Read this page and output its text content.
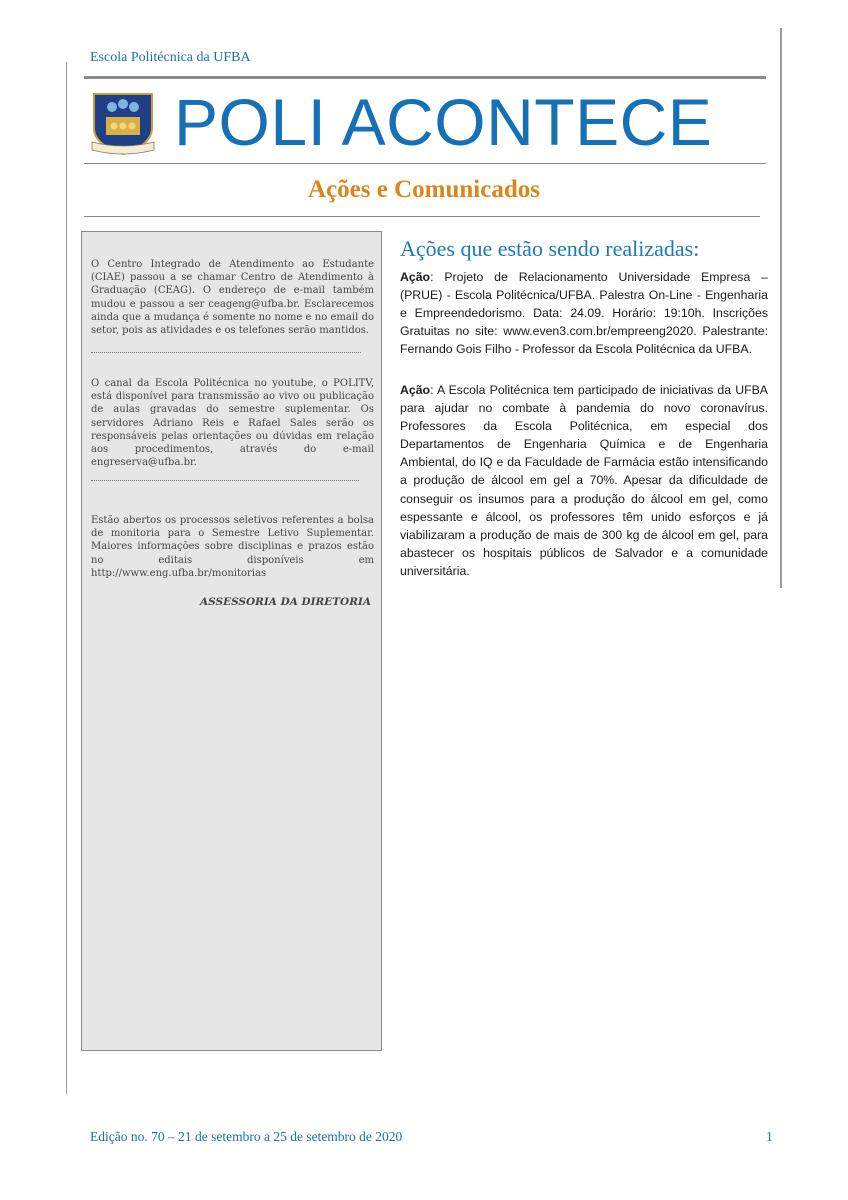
Escola Politécnica da UFBA
POLI ACONTECE
Ações e Comunicados

O Centro Integrado de Atendimento ao Estudante (CIAE) passou a se chamar Centro de Atendimento à Graduação (CEAG). O endereço de e-mail também mudou e passou a ser ceageng@ufba.br. Esclarecemos ainda que a mudança é somente no nome e no email do setor, pois as atividades e os telefones serão mantidos.

O canal da Escola Politécnica no youtube, o POLITV, está disponível para transmissão ao vivo ou publicação de aulas gravadas do semestre suplementar. Os servidores Adriano Reis e Rafael Sales serão os responsáveis pelas orientações ou dúvidas em relação aos procedimentos, através do e-mail engreserva@ufba.br.

Estão abertos os processos seletivos referentes a bolsa de monitoria para o Semestre Letivo Suplementar. Maiores informações sobre disciplinas e prazos estão no editais disponíveis em http://www.eng.ufba.br/monitorias

ASSESSORIA DA DIRETORIA
Ações que estão sendo realizadas:
Ação: Projeto de Relacionamento Universidade Empresa – (PRUE) - Escola Politécnica/UFBA. Palestra On-Line - Engenharia e Empreendedorismo. Data: 24.09. Horário: 19:10h. Inscrições Gratuitas no site: www.even3.com.br/empreeng2020. Palestrante: Fernando Gois Filho - Professor da Escola Politécnica da UFBA.
Ação: A Escola Politécnica tem participado de iniciativas da UFBA para ajudar no combate à pandemia do novo coronavírus. Professores da Escola Politécnica, em especial dos Departamentos de Engenharia Química e de Engenharia Ambiental, do IQ e da Faculdade de Farmácia estão intensificando a produção de álcool em gel a 70%. Apesar da dificuldade de conseguir os insumos para a produção do álcool em gel, como espessante e álcool, os professores têm unido esforços e já viabilizaram a produção de mais de 300 kg de álcool em gel, para abastecer os hospitais públicos de Salvador e a comunidade universitária.
Edição no. 70 – 21 de setembro a 25 de setembro de 2020	1
